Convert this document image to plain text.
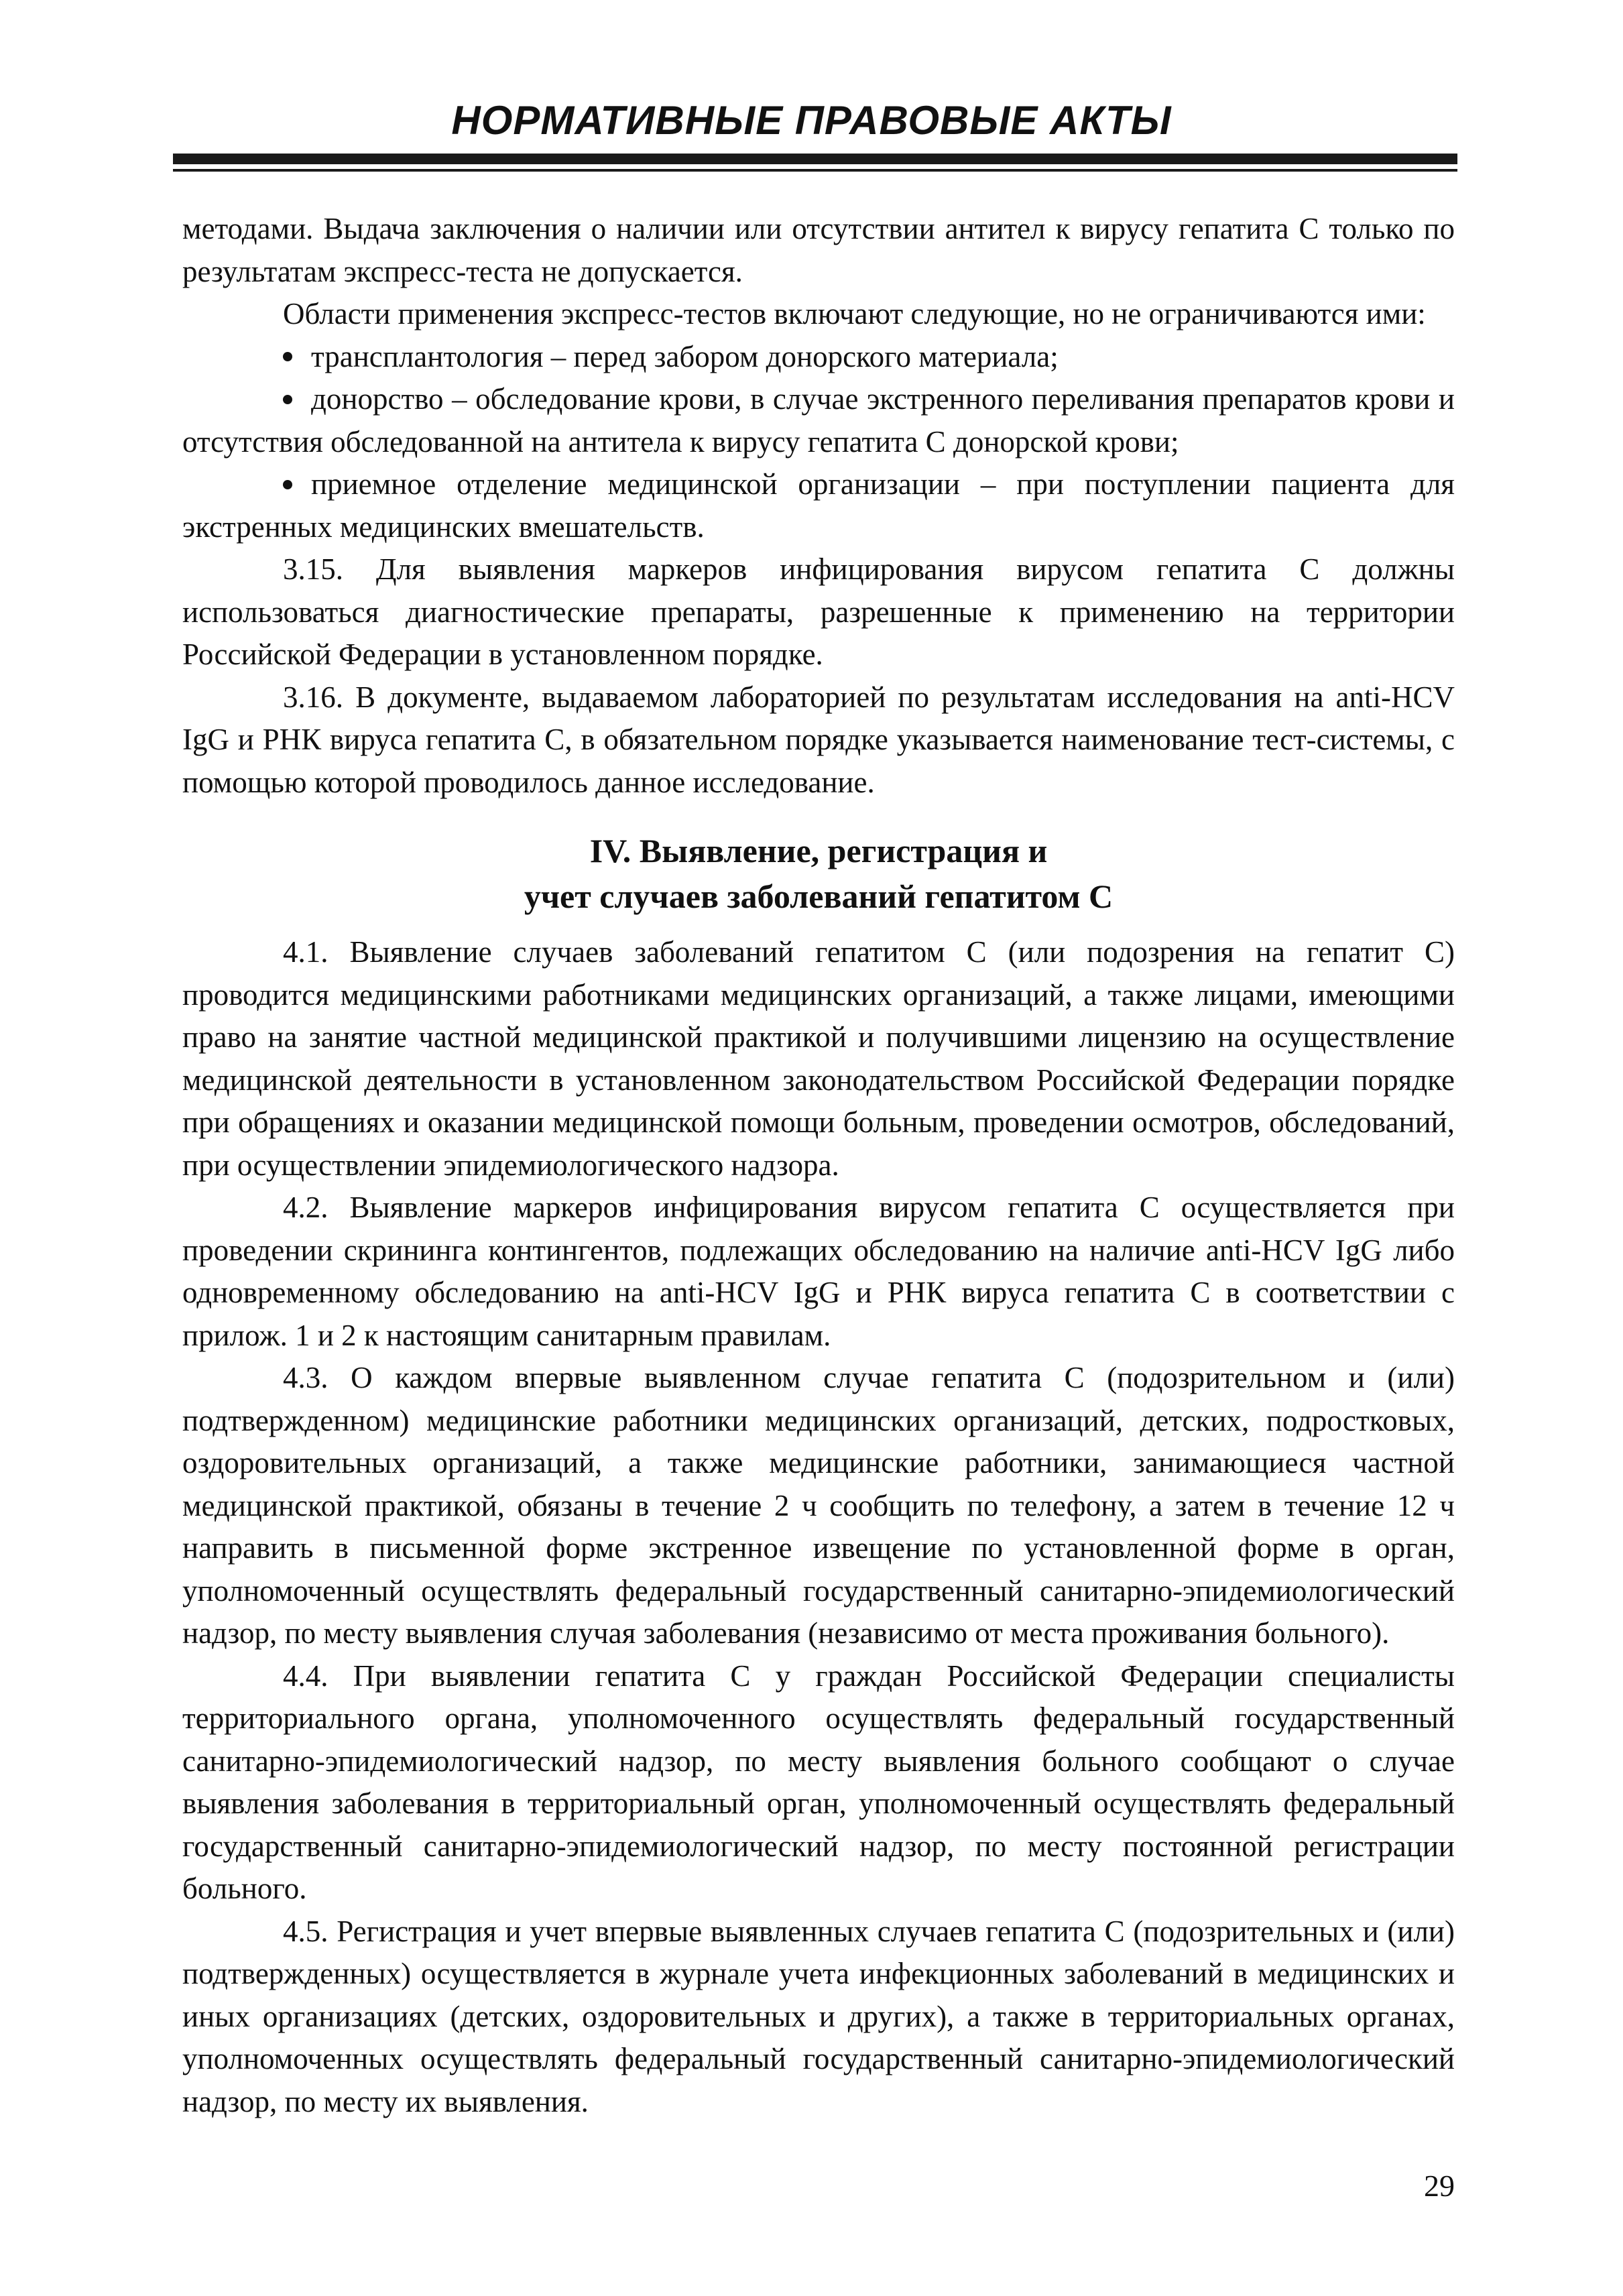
НОРМАТИВНЫЕ ПРАВОВЫЕ АКТЫ

методами. Выдача заключения о наличии или отсутствии антител к вирусу гепатита С только по результатам экспресс-теста не допускается.

Области применения экспресс-тестов включают следующие, но не ограничиваются ими:

трансплантология – перед забором донорского материала;

донорство – обследование крови, в случае экстренного переливания препаратов крови и отсутствия обследованной на антитела к вирусу гепатита С донорской крови;

приемное отделение медицинской организации – при поступлении пациента для экстренных медицинских вмешательств.

3.15. Для выявления маркеров инфицирования вирусом гепатита С должны использоваться диагностические препараты, разрешенные к применению на территории Российской Федерации в установленном порядке.

3.16. В документе, выдаваемом лабораторией по результатам исследования на anti-HCV IgG и РНК вируса гепатита С, в обязательном порядке указывается наименование тест-системы, с помощью которой проводилось данное исследование.

IV. Выявление, регистрация и
учет случаев заболеваний гепатитом С

4.1. Выявление случаев заболеваний гепатитом С (или подозрения на гепатит С) проводится медицинскими работниками медицинских организаций, а также лицами, имеющими право на занятие частной медицинской практикой и получившими лицензию на осуществление медицинской деятельности в установленном законодательством Российской Федерации порядке при обращениях и оказании медицинской помощи больным, проведении осмотров, обследований, при осуществлении эпидемиологического надзора.

4.2. Выявление маркеров инфицирования вирусом гепатита С осуществляется при проведении скрининга контингентов, подлежащих обследованию на наличие anti-HCV IgG либо одновременному обследованию на anti-HCV IgG и РНК вируса гепатита С в соответствии с прилож. 1 и 2 к настоящим санитарным правилам.

4.3. О каждом впервые выявленном случае гепатита С (подозрительном и (или) подтвержденном) медицинские работники медицинских организаций, детских, подростковых, оздоровительных организаций, а также медицинские работники, занимающиеся частной медицинской практикой, обязаны в течение 2 ч сообщить по телефону, а затем в течение 12 ч направить в письменной форме экстренное извещение по установленной форме в орган, уполномоченный осуществлять федеральный государственный санитарно-эпидемиологический надзор, по месту выявления случая заболевания (независимо от места проживания больного).

4.4. При выявлении гепатита С у граждан Российской Федерации специалисты территориального органа, уполномоченного осуществлять федеральный государственный санитарно-эпидемиологический надзор, по месту выявления больного сообщают о случае выявления заболевания в территориальный орган, уполномоченный осуществлять федеральный государственный санитарно-эпидемиологический надзор, по месту постоянной регистрации больного.

4.5. Регистрация и учет впервые выявленных случаев гепатита С (подозрительных и (или) подтвержденных) осуществляется в журнале учета инфекционных заболеваний в медицинских и иных организациях (детских, оздоровительных и других), а также в территориальных органах, уполномоченных осуществлять федеральный государственный санитарно-эпидемиологический надзор, по месту их выявления.

29
